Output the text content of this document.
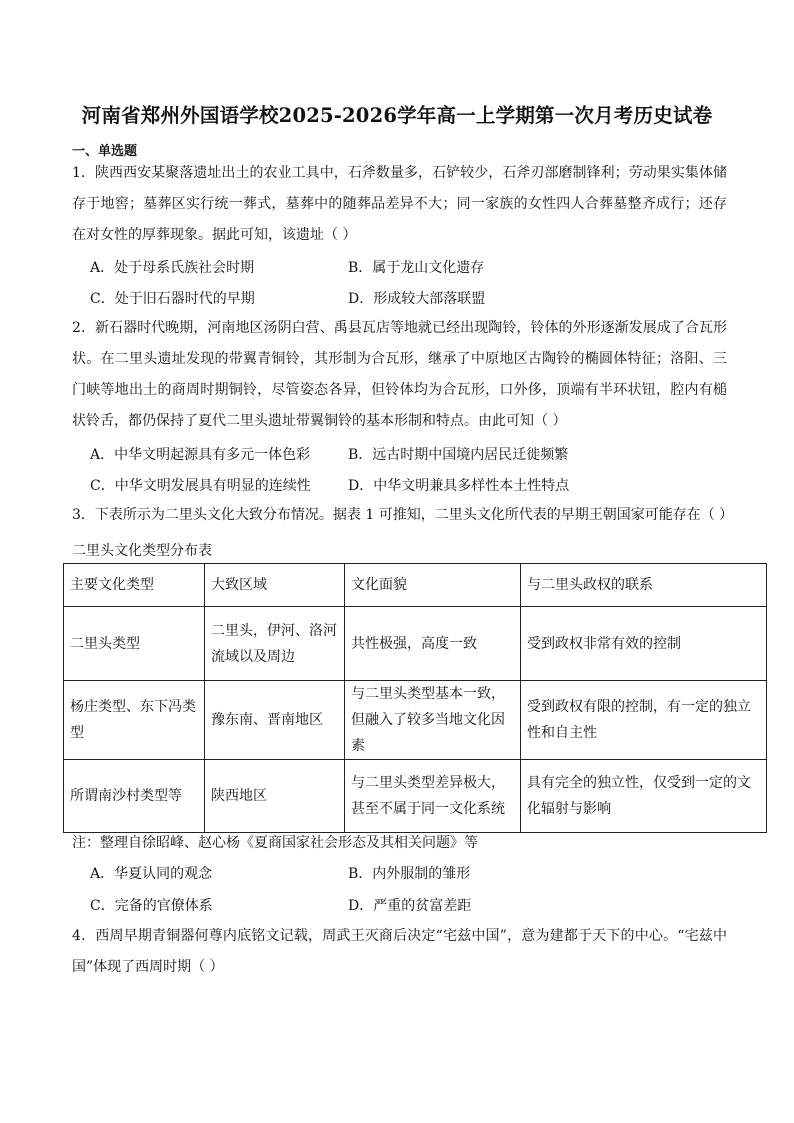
河南省郑州外国语学校2025-2026学年高一上学期第一次月考历史试卷
一、单选题
1．陕西西安某聚落遗址出土的农业工具中，石斧数量多，石铲较少，石斧刃部磨制锋利；劳动果实集体储存于地窖；墓葬区实行统一葬式，墓葬中的随葬品差异不大；同一家族的女性四人合葬墓整齐成行；还存在对女性的厚葬现象。据此可知，该遗址（ ）
A．处于母系氏族社会时期	B．属于龙山文化遗存
C．处于旧石器时代的早期	D．形成较大部落联盟
2．新石器时代晚期，河南地区汤阴白营、禹县瓦店等地就已经出现陶铃，铃体的外形逐渐发展成了合瓦形状。在二里头遗址发现的带翼青铜铃，其形制为合瓦形，继承了中原地区古陶铃的椭圆体特征；洛阳、三门峡等地出土的商周时期铜铃，尽管姿态各异，但铃体均为合瓦形，口外侈，顶端有半环状钮，腔内有槌状铃舌，都仍保持了夏代二里头遗址带翼铜铃的基本形制和特点。由此可知（ ）
A．中华文明起源具有多元一体色彩	B．远古时期中国境内居民迁徙频繁
C．中华文明发展具有明显的连续性	D．中华文明兼具多样性本土性特点
3．下表所示为二里头文化大致分布情况。据表 1 可推知，二里头文化所代表的早期王朝国家可能存在（ ）
二里头文化类型分布表
主要文化类型	大致区域	文化面貌	与二里头政权的联系
二里头类型	二里头，伊河、洛河流域以及周边	共性极强，高度一致	受到政权非常有效的控制
杨庄类型、东下冯类型	豫东南、晋南地区	与二里头类型基本一致，但融入了较多当地文化因素	受到政权有限的控制，有一定的独立性和自主性
所谓南沙村类型等	陕西地区	与二里头类型差异极大，甚至不属于同一文化系统	具有完全的独立性，仅受到一定的文化辐射与影响
注：整理自徐昭峰、赵心杨《夏商国家社会形态及其相关问题》等
A．华夏认同的观念	B．内外服制的雏形
C．完备的官僚体系	D．严重的贫富差距
4．西周早期青铜器何尊内底铭文记载，周武王灭商后决定“宅兹中国”，意为建都于天下的中心。“宅兹中国”体现了西周时期（ ）
